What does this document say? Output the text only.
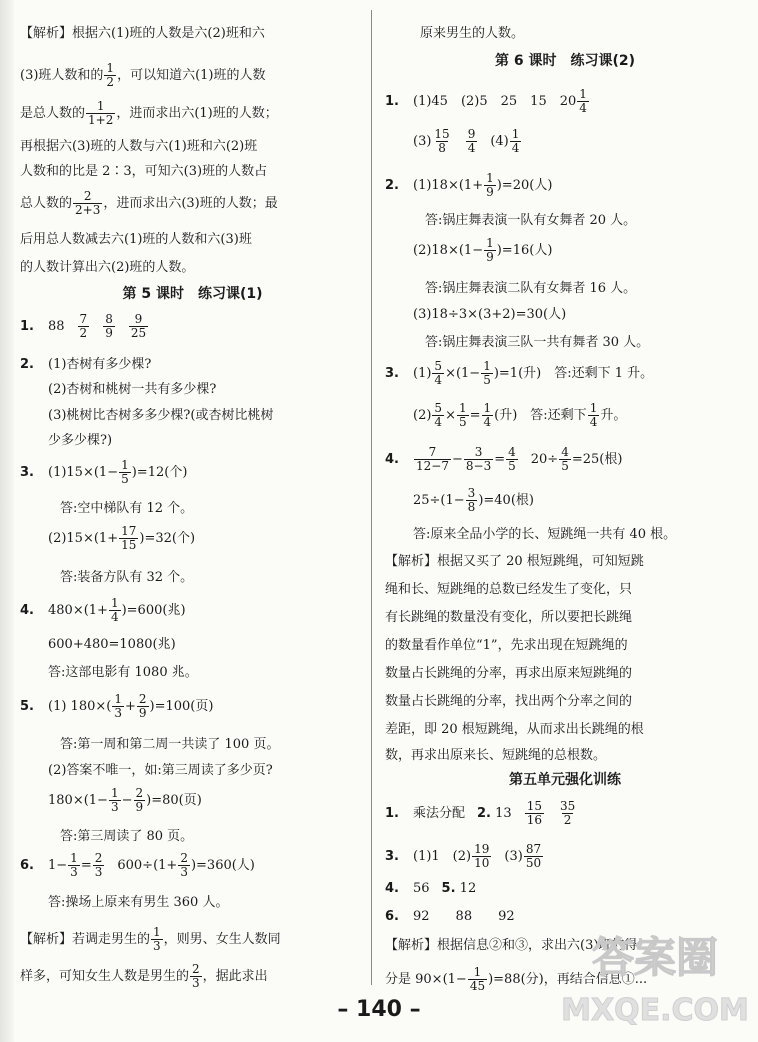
【解析】根据六(1)班的人数是六(2)班和六
(3)班人数和的 $\frac{1}{2}$ ，可以知道六(1)班的人数
是总人数的 $\frac{1}{1+2}$ ，进而求出六(1)班的人数；
再根据六(3)班的人数与六(1)班和六(2)班
人数和的比是 2∶3，可知六(3)班的人数占
总人数的 $\frac{2}{2+3}$ ，进而求出六(3)班的人数；最
后用总人数减去六(1)班的人数和六(3)班
的人数计算出六(2)班的人数。
第 5 课时　练习课(1)
1. $88 \frac{7}{2} \frac{8}{9} \frac{9}{25}$
2. (1)杏树有多少棵?
(2)杏树和桃树一共有多少棵?
(3)桃树比杏树多多少棵?(或杏树比桃树
少多少棵?)
3. $(1)15\times(1- \frac{1}{5} )=12$(个)
答:空中梯队有 12 个。
$(2)15\times(1+ \frac{17}{15} )=32$(个)
答:装备方队有 32 个。
4. $480\times(1+ \frac{1}{4} )=600$(兆)
600+480=1080(兆)
答:这部电影有 1080 兆。
5. (1) $180\times( \frac{1}{3} + \frac{2}{9} )=100$(页)
答:第一周和第二周一共读了 100 页。
(2)答案不唯一，如:第三周读了多少页?
$180\times(1- \frac{1}{3} - \frac{2}{9} )=80$(页)
答:第三周读了 80 页。
6. $1- \frac{1}{3} = \frac{2}{3} 600\div(1+ \frac{2}{3} )=360$(人)
答:操场上原来有男生 360 人。
【解析】若调走男生的 $\frac{1}{3}$ ，则男、女生人数同
样多，可知女生人数是男生的 $\frac{2}{3}$ ，据此求出
原来男生的人数。
第 6 课时　练习课(2)
1. (1)45　(2)5　25　15　$20 \frac{1}{4}$
$(3) \frac{15}{8} \frac{9}{4} (4) \frac{1}{4}$
2. $(1)18\times(1+ \frac{1}{9} )=20$(人)
答:锅庄舞表演一队有女舞者 20 人。
$(2)18\times(1- \frac{1}{9} )=16$(人)
答:锅庄舞表演二队有女舞者 16 人。
(3)18÷3×(3+2)=30(人)
答:锅庄舞表演三队一共有舞者 30 人。
3. $(1) \frac{5}{4} \times(1- \frac{1}{5} )=1$(升)　答:还剩下 1 升。
$(2) \frac{5}{4} \times \frac{1}{5} = \frac{1}{4}$ (升)　答:还剩下 $\frac{1}{4}$ 升。
4. $\frac{7}{12-7} - \frac{3}{8-3} = \frac{4}{5} 20\div \frac{4}{5} =25$(根)
$25\div(1- \frac{3}{8} )=40$(根)
答:原来全品小学的长、短跳绳一共有 40 根。
【解析】根据又买了 20 根短跳绳，可知短跳
绳和长、短跳绳的总数已经发生了变化，只
有长跳绳的数量没有变化，所以要把长跳绳
的数量看作单位“1”，先求出现在短跳绳的
数量占长跳绳的分率，再求出原来短跳绳的
数量占长跳绳的分率，找出两个分率之间的
差距，即 20 根短跳绳，从而求出长跳绳的根
数，再求出原来长、短跳绳的总根数。
第五单元强化训练
1. 乘法分配 2. $13 \frac{15}{16} \frac{35}{2}$
3. (1)1　$(2) \frac{19}{10} (3) \frac{87}{50}$
4. 56 5. 12
6. 92　　88　　92
【解析】根据信息②和③，求出六(3)班的得
分是 $90\times(1- \frac{1}{45} )=88$(分)，再结合信息①...
– 140 –
答案圈
MXQE.COM
